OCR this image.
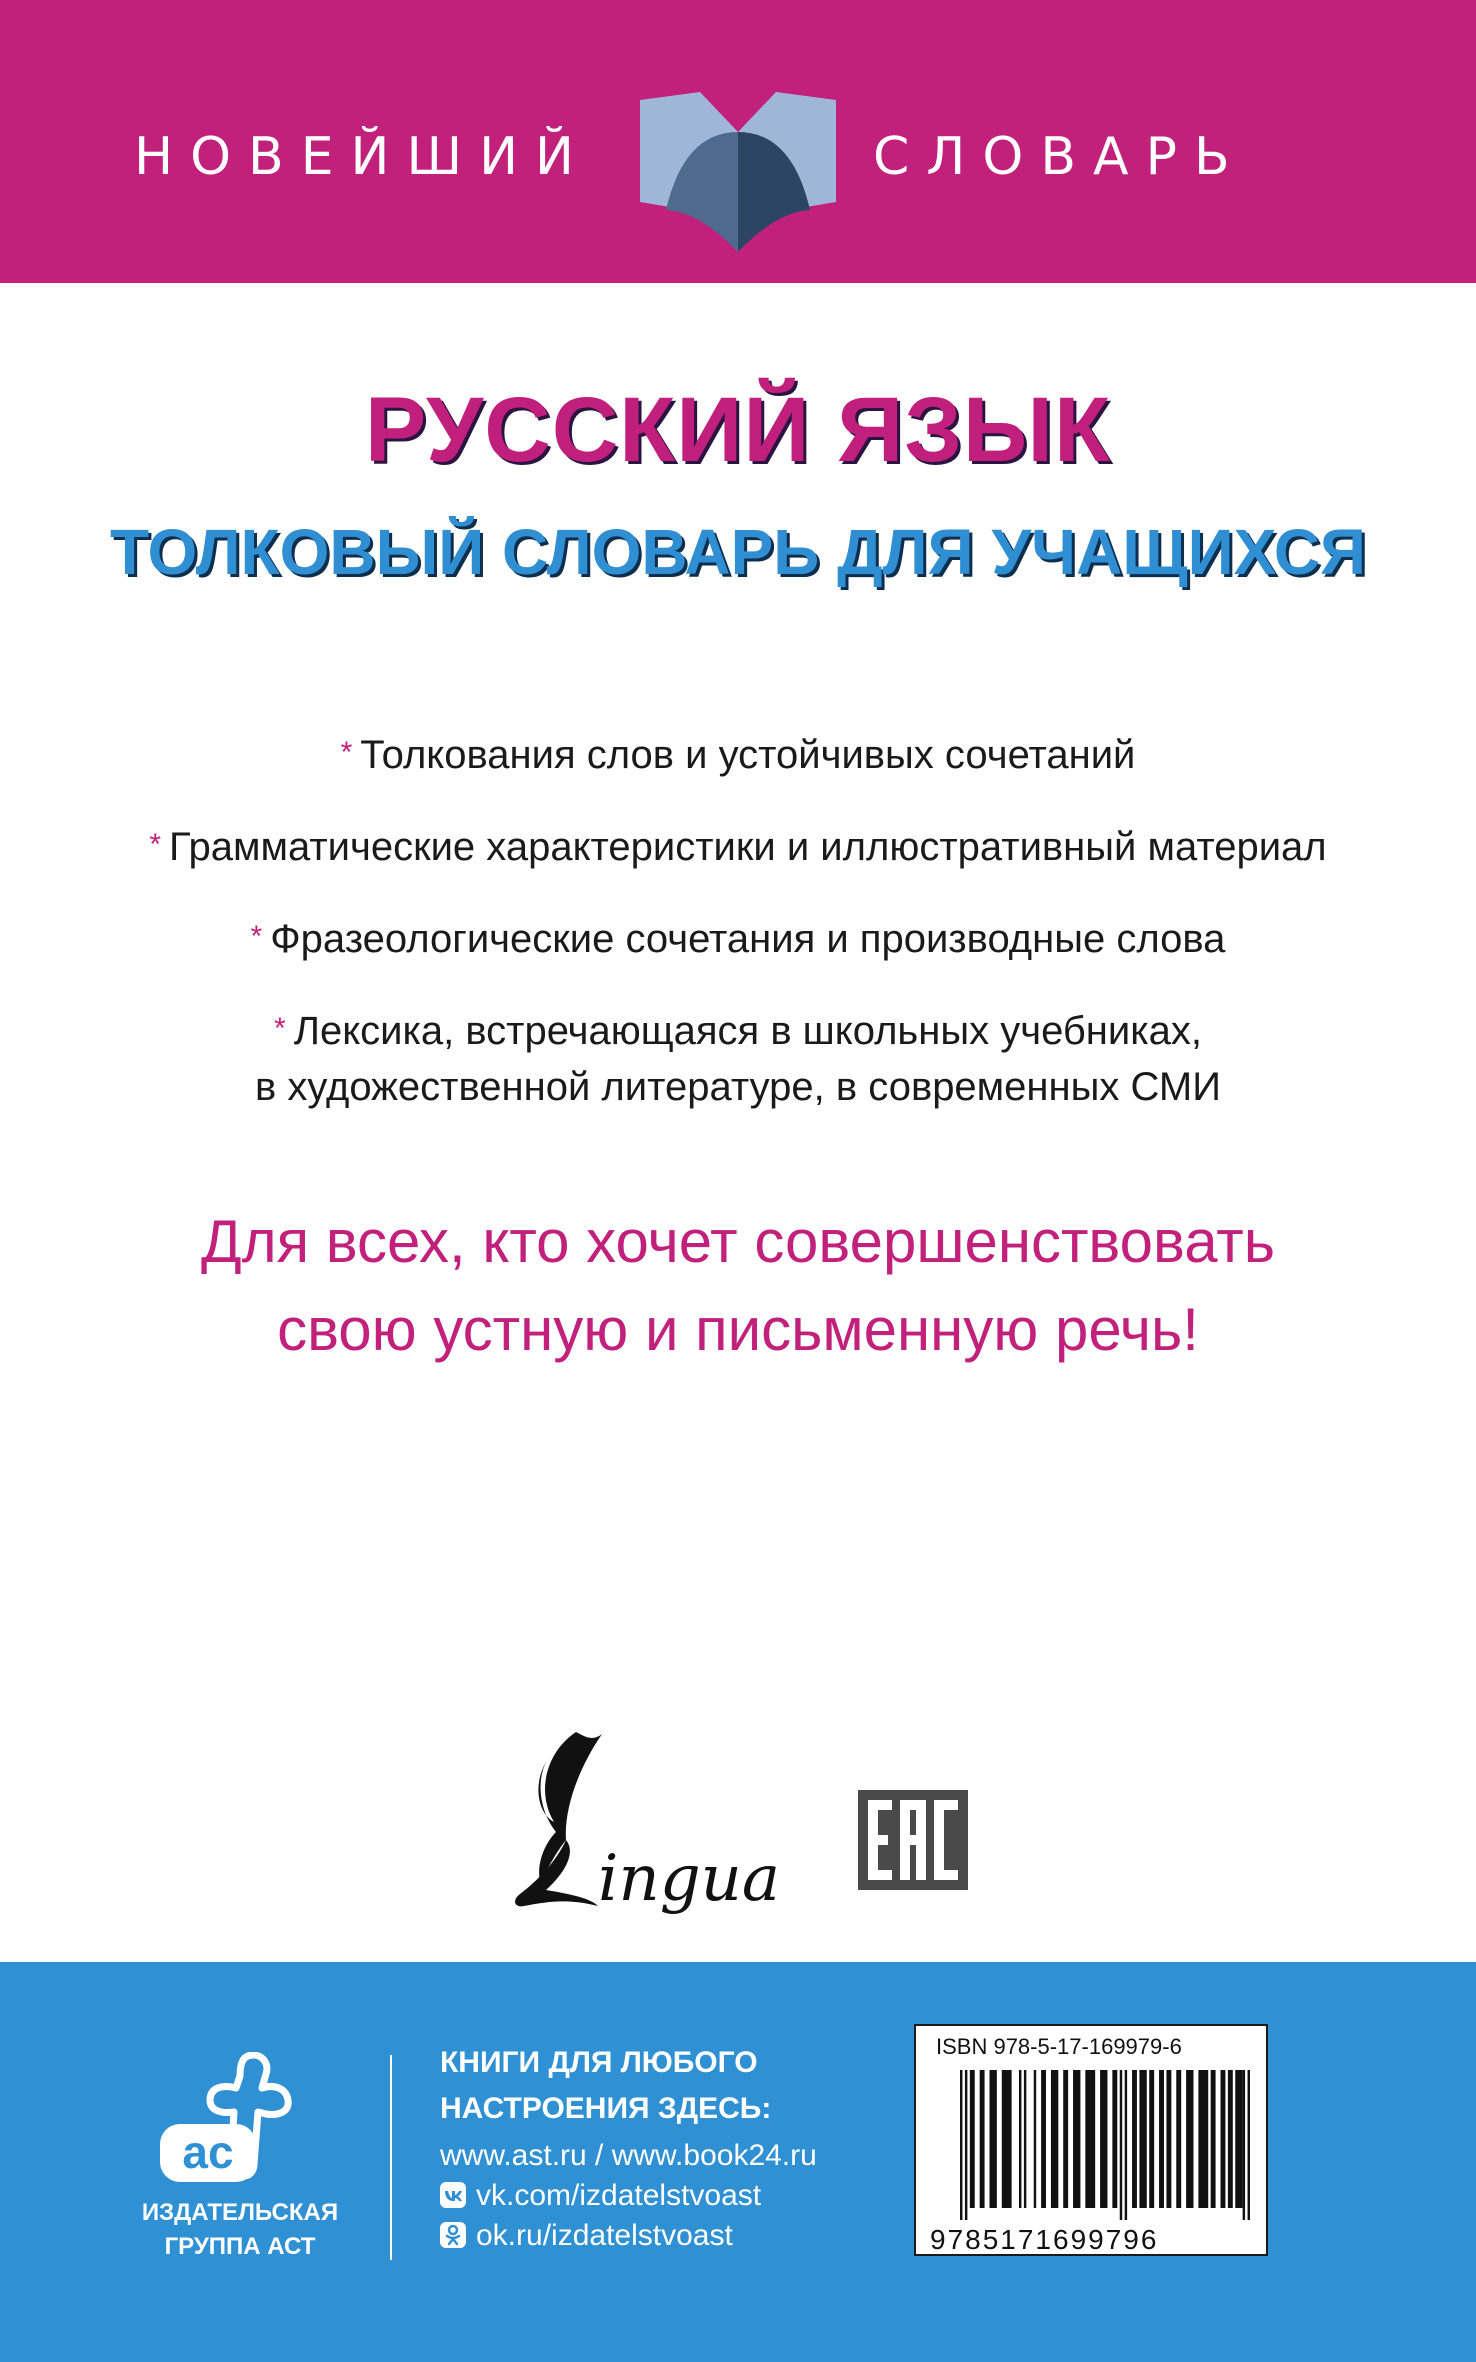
НОВЕЙШИЙ	СЛОВАРЬ
РУССКИЙ ЯЗЫК
ТОЛКОВЫЙ СЛОВАРЬ ДЛЯ УЧАЩИХСЯ
* Толкования слов и устойчивых сочетаний
* Грамматические характеристики и иллюстративный материал
* Фразеологические сочетания и производные слова
* Лексика, встречающаяся в школьных учебниках,
в художественной литературе, в современных СМИ
Для всех, кто хочет совершенствовать
свою устную и письменную речь!
ingua
ac
ИЗДАТЕЛЬСКАЯ
ГРУППА АСТ
КНИГИ ДЛЯ ЛЮБОГО
НАСТРОЕНИЯ ЗДЕСЬ:
www.ast.ru / www.book24.ru
vk.com/izdatelstvoast
ok.ru/izdatelstvoast
ISBN 978-5-17-169979-6
9785171699796
